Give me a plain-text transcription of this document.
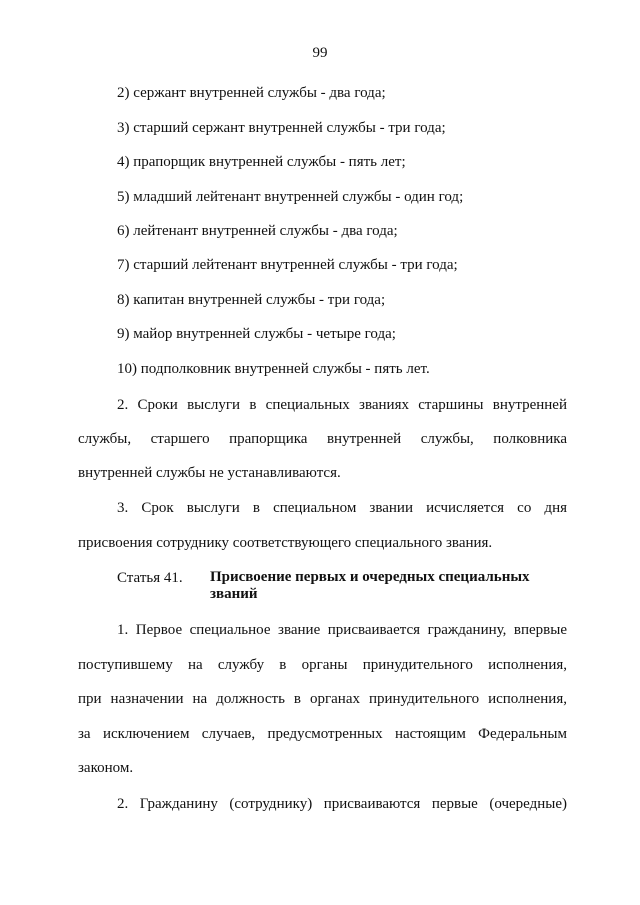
99
2) сержант внутренней службы - два года;
3) старший сержант внутренней службы - три года;
4) прапорщик внутренней службы - пять лет;
5) младший лейтенант внутренней службы - один год;
6) лейтенант внутренней службы - два года;
7) старший лейтенант внутренней службы - три года;
8) капитан внутренней службы - три года;
9) майор внутренней службы - четыре года;
10) подполковник внутренней службы - пять лет.
2. Сроки выслуги в специальных званиях старшины внутренней
службы, старшего прапорщика внутренней службы, полковника
внутренней службы не устанавливаются.
3. Срок выслуги в специальном звании исчисляется со дня
присвоения сотруднику соответствующего специального звания.
Статья 41. Присвоение первых и очередных специальных званий
1. Первое специальное звание присваивается гражданину, впервые
поступившему на службу в органы принудительного исполнения,
при назначении на должность в органах принудительного исполнения,
за исключением случаев, предусмотренных настоящим Федеральным
законом.
2. Гражданину (сотруднику) присваиваются первые (очередные)
